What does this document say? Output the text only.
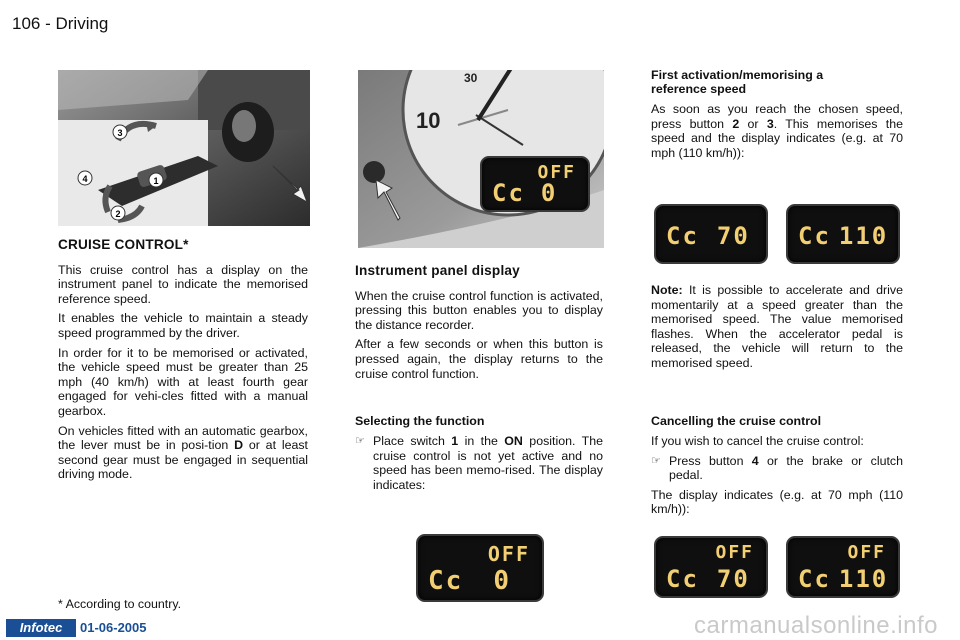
106 - Driving
3
4	1
2
30
10
OFF
Cc 0
CRUISE CONTROL*

This cruise control has a display on the instrument panel to indicate the memorised reference speed.

It enables the vehicle to maintain a steady speed programmed by the driver.

In order for it to be memorised or activated, the vehicle speed must be greater than 25 mph (40 km/h) with at least fourth gear engaged for vehi-cles fitted with a manual gearbox.

On vehicles fitted with an automatic gearbox, the lever must be in posi-tion D or at least second gear must be engaged in sequential driving mode.

* According to country.
Instrument panel display

When the cruise control function is activated, pressing this button enables you to display the distance recorder.

After a few seconds or when this button is pressed again, the display returns to the cruise control function.

Selecting the function
☞ Place switch 1 in the ON position. The cruise control is not yet active and no speed has been memo-rised. The display indicates:
OFF
Cc 0
First activation/memorising a reference speed

As soon as you reach the chosen speed, press button 2 or 3. This memorises the speed and the display indicates (e.g. at 70 mph (110 km/h)):

Cc 70 Cc 110

Note: It is possible to accelerate and drive momentarily at a speed greater than the memorised speed. The value memorised flashes. When the accelerator pedal is released, the vehicle will return to the memorised speed.

Cancelling the cruise control

If you wish to cancel the cruise control:

☞ Press button 4 or the brake or clutch pedal.

The display indicates (e.g. at 70 mph (110 km/h)):

OFF
Cc 70
OFF
Cc 110
Infotec	01-06-2005	carmanualsonline.info
